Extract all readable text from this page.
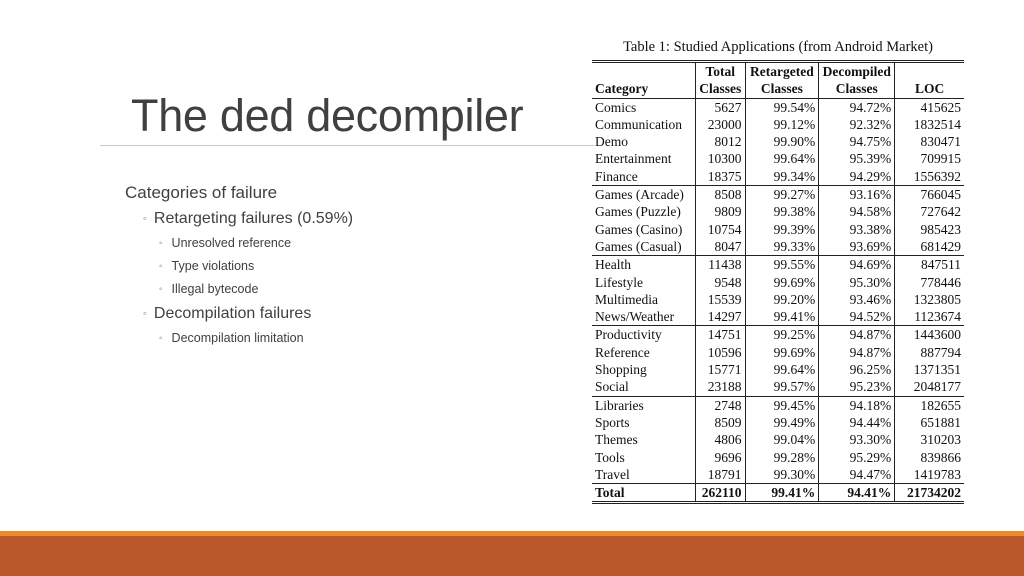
The ded decompiler
Categories of failure
◦ Retargeting failures (0.59%)
◦ Unresolved reference
◦ Type violations
◦ Illegal bytecode
◦ Decompilation failures
◦ Decompilation limitation
Table 1: Studied Applications (from Android Market)
	Total	Retargeted	Decompiled	
Category	Classes	Classes	Classes	LOC
Comics	5627	99.54%	94.72%	415625
Communication	23000	99.12%	92.32%	1832514
Demo	8012	99.90%	94.75%	830471
Entertainment	10300	99.64%	95.39%	709915
Finance	18375	99.34%	94.29%	1556392
Games (Arcade)	8508	99.27%	93.16%	766045
Games (Puzzle)	9809	99.38%	94.58%	727642
Games (Casino)	10754	99.39%	93.38%	985423
Games (Casual)	8047	99.33%	93.69%	681429
Health	11438	99.55%	94.69%	847511
Lifestyle	9548	99.69%	95.30%	778446
Multimedia	15539	99.20%	93.46%	1323805
News/Weather	14297	99.41%	94.52%	1123674
Productivity	14751	99.25%	94.87%	1443600
Reference	10596	99.69%	94.87%	887794
Shopping	15771	99.64%	96.25%	1371351
Social	23188	99.57%	95.23%	2048177
Libraries	2748	99.45%	94.18%	182655
Sports	8509	99.49%	94.44%	651881
Themes	4806	99.04%	93.30%	310203
Tools	9696	99.28%	95.29%	839866
Travel	18791	99.30%	94.47%	1419783
Total	262110	99.41%	94.41%	21734202
